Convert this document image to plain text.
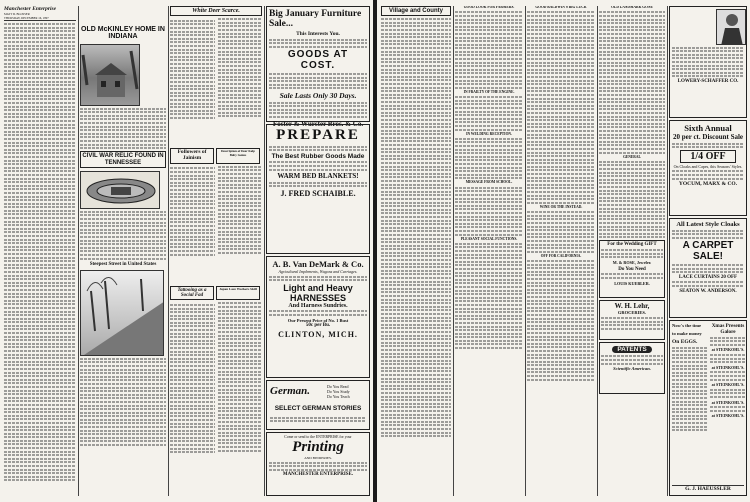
Manchester Enterprise
MATT D. BLOSSER
THURSDAY, DECEMBER 16, 1897
OLD McKINLEY HOME IN INDIANA
CIVIL WAR RELIC FOUND IN TENNESSEE
Steepest Street in United States
White Deer Scarce.
Followers of Jainism
Description of Deer Kelp Baby Genus
Tattooing as a Social Fad
Japan Lace Workers Skill
Big January Furniture Sale...
This Interests You.
GOODS AT COST.
Sale Lasts Only 30 Days.
Foster & Wurster Bros. & Co.
PREPARE
The Best Rubber Goods Made
WARM BED BLANKETS!
J. FRED SCHAIBLE.
A. B. Van DeMark & Co.
Agricultural Implements, Wagons and Carriages.
Light and Heavy HARNESSES
And Harness Sundries.
Our Present Price of No. 1 Bust
50c per Bu.
CLINTON, MICH.
German.	Do You Read
Do You Study
Do You Teach
SELECT GERMAN STORIES
Come or send to the ENTERPRISE for your
Printing
AND BINDERIES.
MANCHESTER ENTERPRISE.
Village and County
GOOD LOOK FOR FARMERS.
IN FRAILTY OF THE ENGINE.
IN WELDING RECEPTION.
MESSAGE FROM SCHOOL.
PLEASANT SOCIAL FUNCTIONS.
GOOD BALDWIN'S BIG LUCK
WINE OR THE INSTEAD.
OFF FOR CALIFORNIA.
OLD LANDMARK GONE
GENERAL
For the Wedding GIFT
M. & ROSE, Jeweler.
Do You Need
LOUIS KUEBLER.
W. H. Lehr,
GROCERIES.
PATENTS
Scientific American.
LOWERY-SCHAFFER CO.
Sixth Annual
20 per ct. Discount Sale
1/4 OFF
On Cloaks and Capes, this Seasons' Styles.
YOCUM, MARX & CO.
All Latest Style Cloaks
A CARPET SALE!
LACE CURTAINS 20 OFF
SEATON W. ANDERSON.
Now's the time
to make money
On EGGS.
Xmas Presents Galore
at STEINKOHL'S.
at STEINKOHL'S.
at STEINKOHL'S.
at STEINKOHL'S.
at STEINKOHL'S.
G. J. HAEUSSLER
